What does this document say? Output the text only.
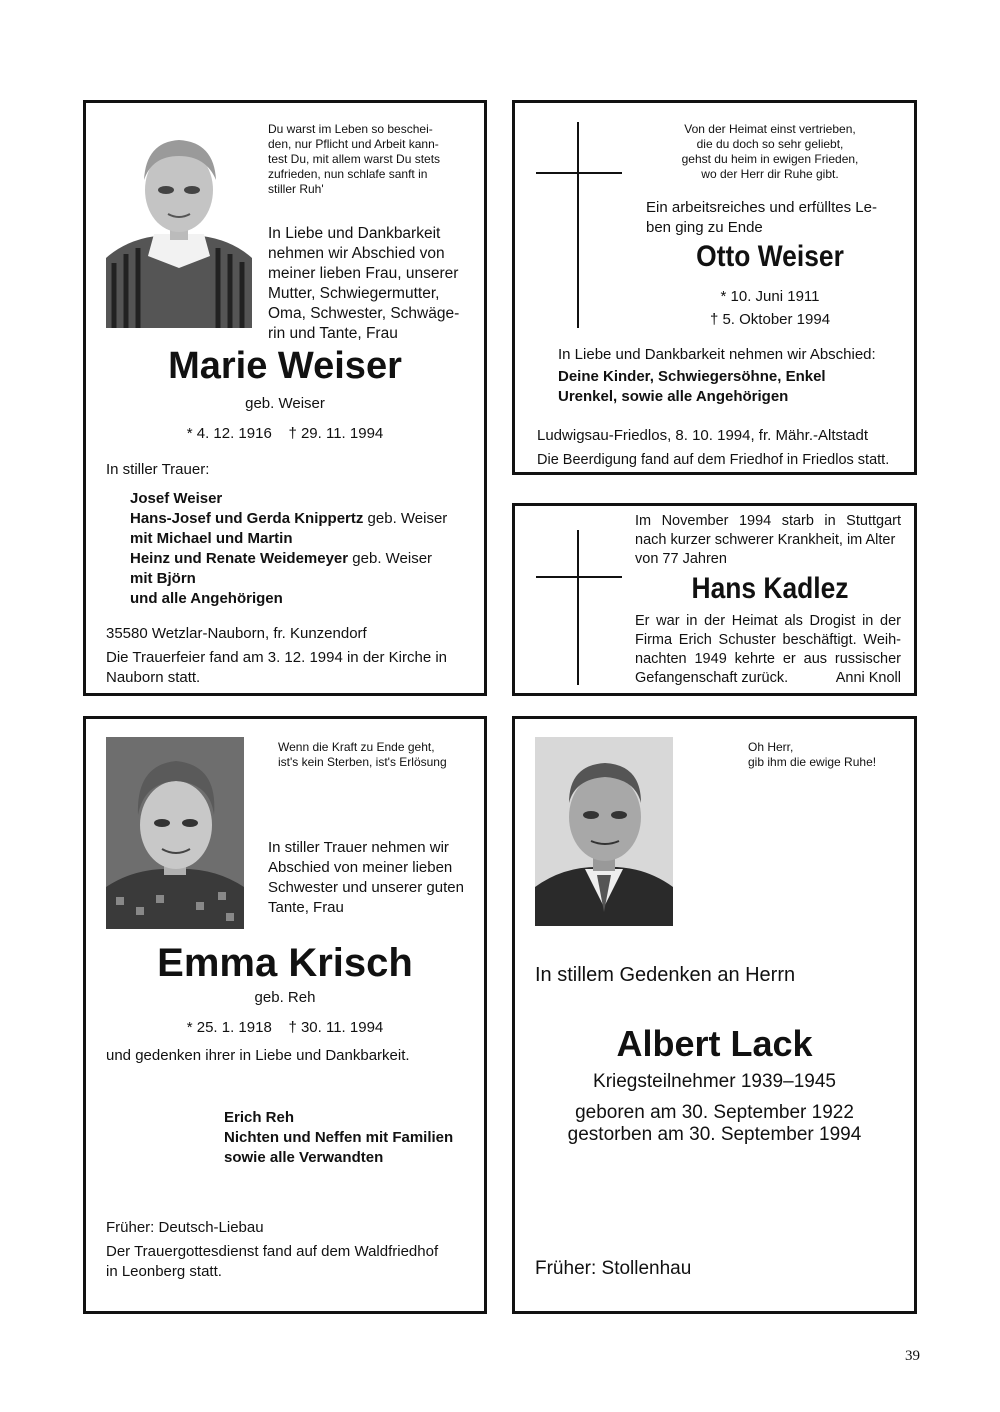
Du warst im Leben so beschei-
den, nur Pflicht und Arbeit kann-
test Du, mit allem warst Du stets
zufrieden, nun schlafe sanft in
stiller Ruh'
In Liebe und Dankbarkeit
nehmen wir Abschied von
meiner lieben Frau, unserer
Mutter, Schwiegermutter,
Oma, Schwester, Schwäge-
rin und Tante, Frau
Marie Weiser
geb. Weiser
* 4. 12. 1916    † 29. 11. 1994
In stiller Trauer:
Josef Weiser
Hans-Josef und Gerda Knippertz geb. Weiser
mit Michael und Martin
Heinz und Renate Weidemeyer geb. Weiser
mit Björn
und alle Angehörigen
35580 Wetzlar-Nauborn, fr. Kunzendorf
Die Trauerfeier fand am 3. 12. 1994 in der Kirche in
Nauborn statt.
Von der Heimat einst vertrieben,
die du doch so sehr geliebt,
gehst du heim in ewigen Frieden,
wo der Herr dir Ruhe gibt.
Ein arbeitsreiches und erfülltes Le-
ben ging zu Ende
Otto Weiser
* 10. Juni 1911
† 5. Oktober 1994
In Liebe und Dankbarkeit nehmen wir Abschied:
Deine Kinder, Schwiegersöhne, Enkel
Urenkel, sowie alle Angehörigen
Ludwigsau-Friedlos, 8. 10. 1994, fr. Mähr.-Altstadt
Die Beerdigung fand auf dem Friedhof in Friedlos statt.
Im November 1994 starb in Stuttgart
nach kurzer schwerer Krankheit, im Alter
von 77 Jahren
Hans Kadlez
Er war in der Heimat als Drogist in der
Firma Erich Schuster beschäftigt. Weih-
nachten 1949 kehrte er aus russischer
Gefangenschaft zurück.	Anni Knoll
Wenn die Kraft zu Ende geht,
ist's kein Sterben, ist's Erlösung
In stiller Trauer nehmen wir
Abschied von meiner lieben
Schwester und unserer guten
Tante, Frau
Emma Krisch
geb. Reh
* 25. 1. 1918    † 30. 11. 1994
und gedenken ihrer in Liebe und Dankbarkeit.
Erich Reh
Nichten und Neffen mit Familien
sowie alle Verwandten
Früher: Deutsch-Liebau
Der Trauergottesdienst fand auf dem Waldfriedhof
in Leonberg statt.
Oh Herr,
gib ihm die ewige Ruhe!
In stillem Gedenken an Herrn
Albert Lack
Kriegsteilnehmer 1939–1945
geboren am 30. September 1922
gestorben am 30. September 1994
Früher: Stollenhau
39
